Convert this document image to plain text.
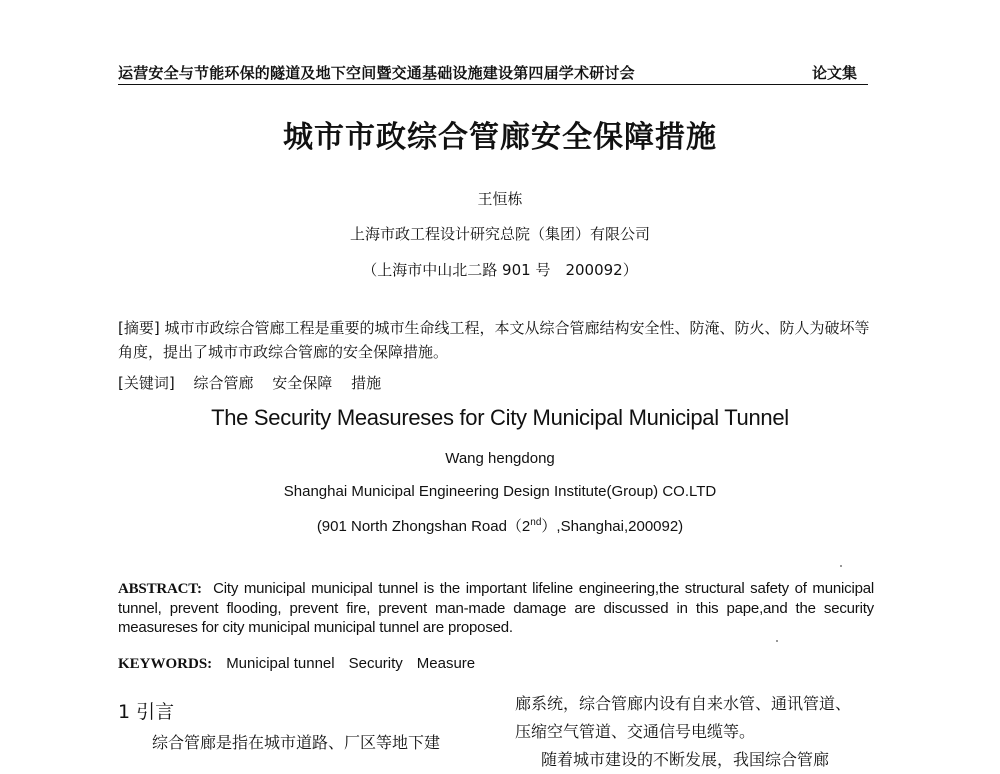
运营安全与节能环保的隧道及地下空间暨交通基础设施建设第四届学术研讨会	论文集
城市市政综合管廊安全保障措施
王恒栋
上海市政工程设计研究总院（集团）有限公司
（上海市中山北二路 901 号　200092）
[摘要] 城市市政综合管廊工程是重要的城市生命线工程，本文从综合管廊结构安全性、防淹、防火、防人为破坏等角度，提出了城市市政综合管廊的安全保障措施。
[关键词] 综合管廊 安全保障 措施
The Security Measureses for City Municipal Municipal Tunnel
Wang hengdong
Shanghai Municipal Engineering Design Institute(Group) CO.LTD
(901 North Zhongshan Road（2nd）,Shanghai,200092)
ABSTRACT: City municipal municipal tunnel is the important lifeline engineering,the structural safety of municipal tunnel, prevent flooding, prevent fire, prevent man-made damage are discussed in this pape,and the security measureses for city municipal municipal tunnel are proposed.
KEYWORDS: Municipal tunnel Security Measure
1 引言
综合管廊是指在城市道路、厂区等地下建
廊系统，综合管廊内设有自来水管、通讯管道、
压缩空气管道、交通信号电缆等。
随着城市建设的不断发展，我国综合管廊
